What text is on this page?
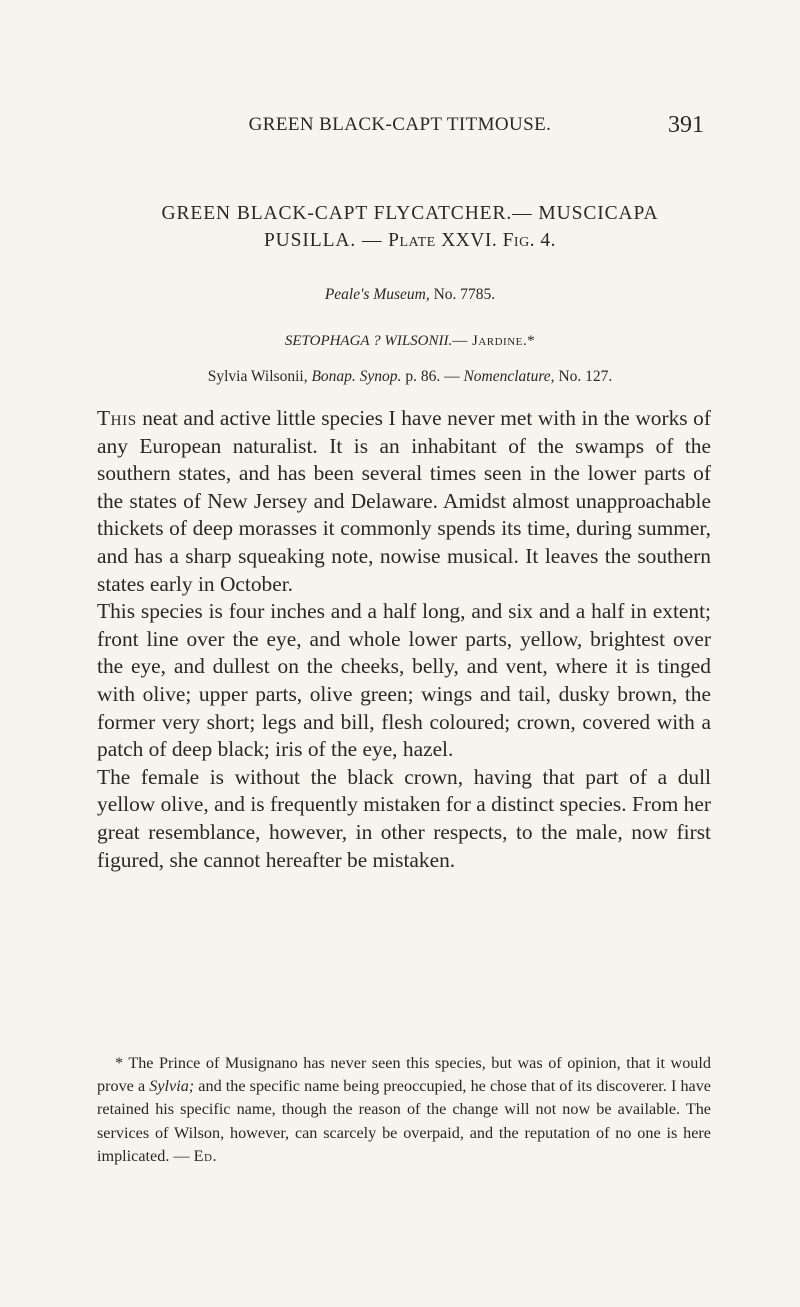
GREEN BLACK-CAPT TITMOUSE.	391
GREEN BLACK-CAPT FLYCATCHER.— MUSCICAPA
PUSILLA. — Plate XXVI. Fig. 4.
Peale's Museum, No. 7785.
SETOPHAGA ? WILSONII.— Jardine.*
Sylvia Wilsonii, Bonap. Synop. p. 86. — Nomenclature, No. 127.

This neat and active little species I have never met with in the works of any European naturalist. It is an inhabitant of the swamps of the southern states, and has been several times seen in the lower parts of the states of New Jersey and Delaware. Amidst almost unapproachable thickets of deep morasses it commonly spends its time, during summer, and has a sharp squeaking note, nowise musical. It leaves the southern states early in October.

This species is four inches and a half long, and six and a half in extent; front line over the eye, and whole lower parts, yellow, brightest over the eye, and dullest on the cheeks, belly, and vent, where it is tinged with olive; upper parts, olive green; wings and tail, dusky brown, the former very short; legs and bill, flesh coloured; crown, covered with a patch of deep black; iris of the eye, hazel.

The female is without the black crown, having that part of a dull yellow olive, and is frequently mistaken for a distinct species. From her great resemblance, however, in other respects, to the male, now first figured, she cannot hereafter be mistaken.

* The Prince of Musignano has never seen this species, but was of opinion, that it would prove a Sylvia; and the specific name being preoccupied, he chose that of its discoverer. I have retained his specific name, though the reason of the change will not now be available. The services of Wilson, however, can scarcely be overpaid, and the reputation of no one is here implicated. — Ed.
